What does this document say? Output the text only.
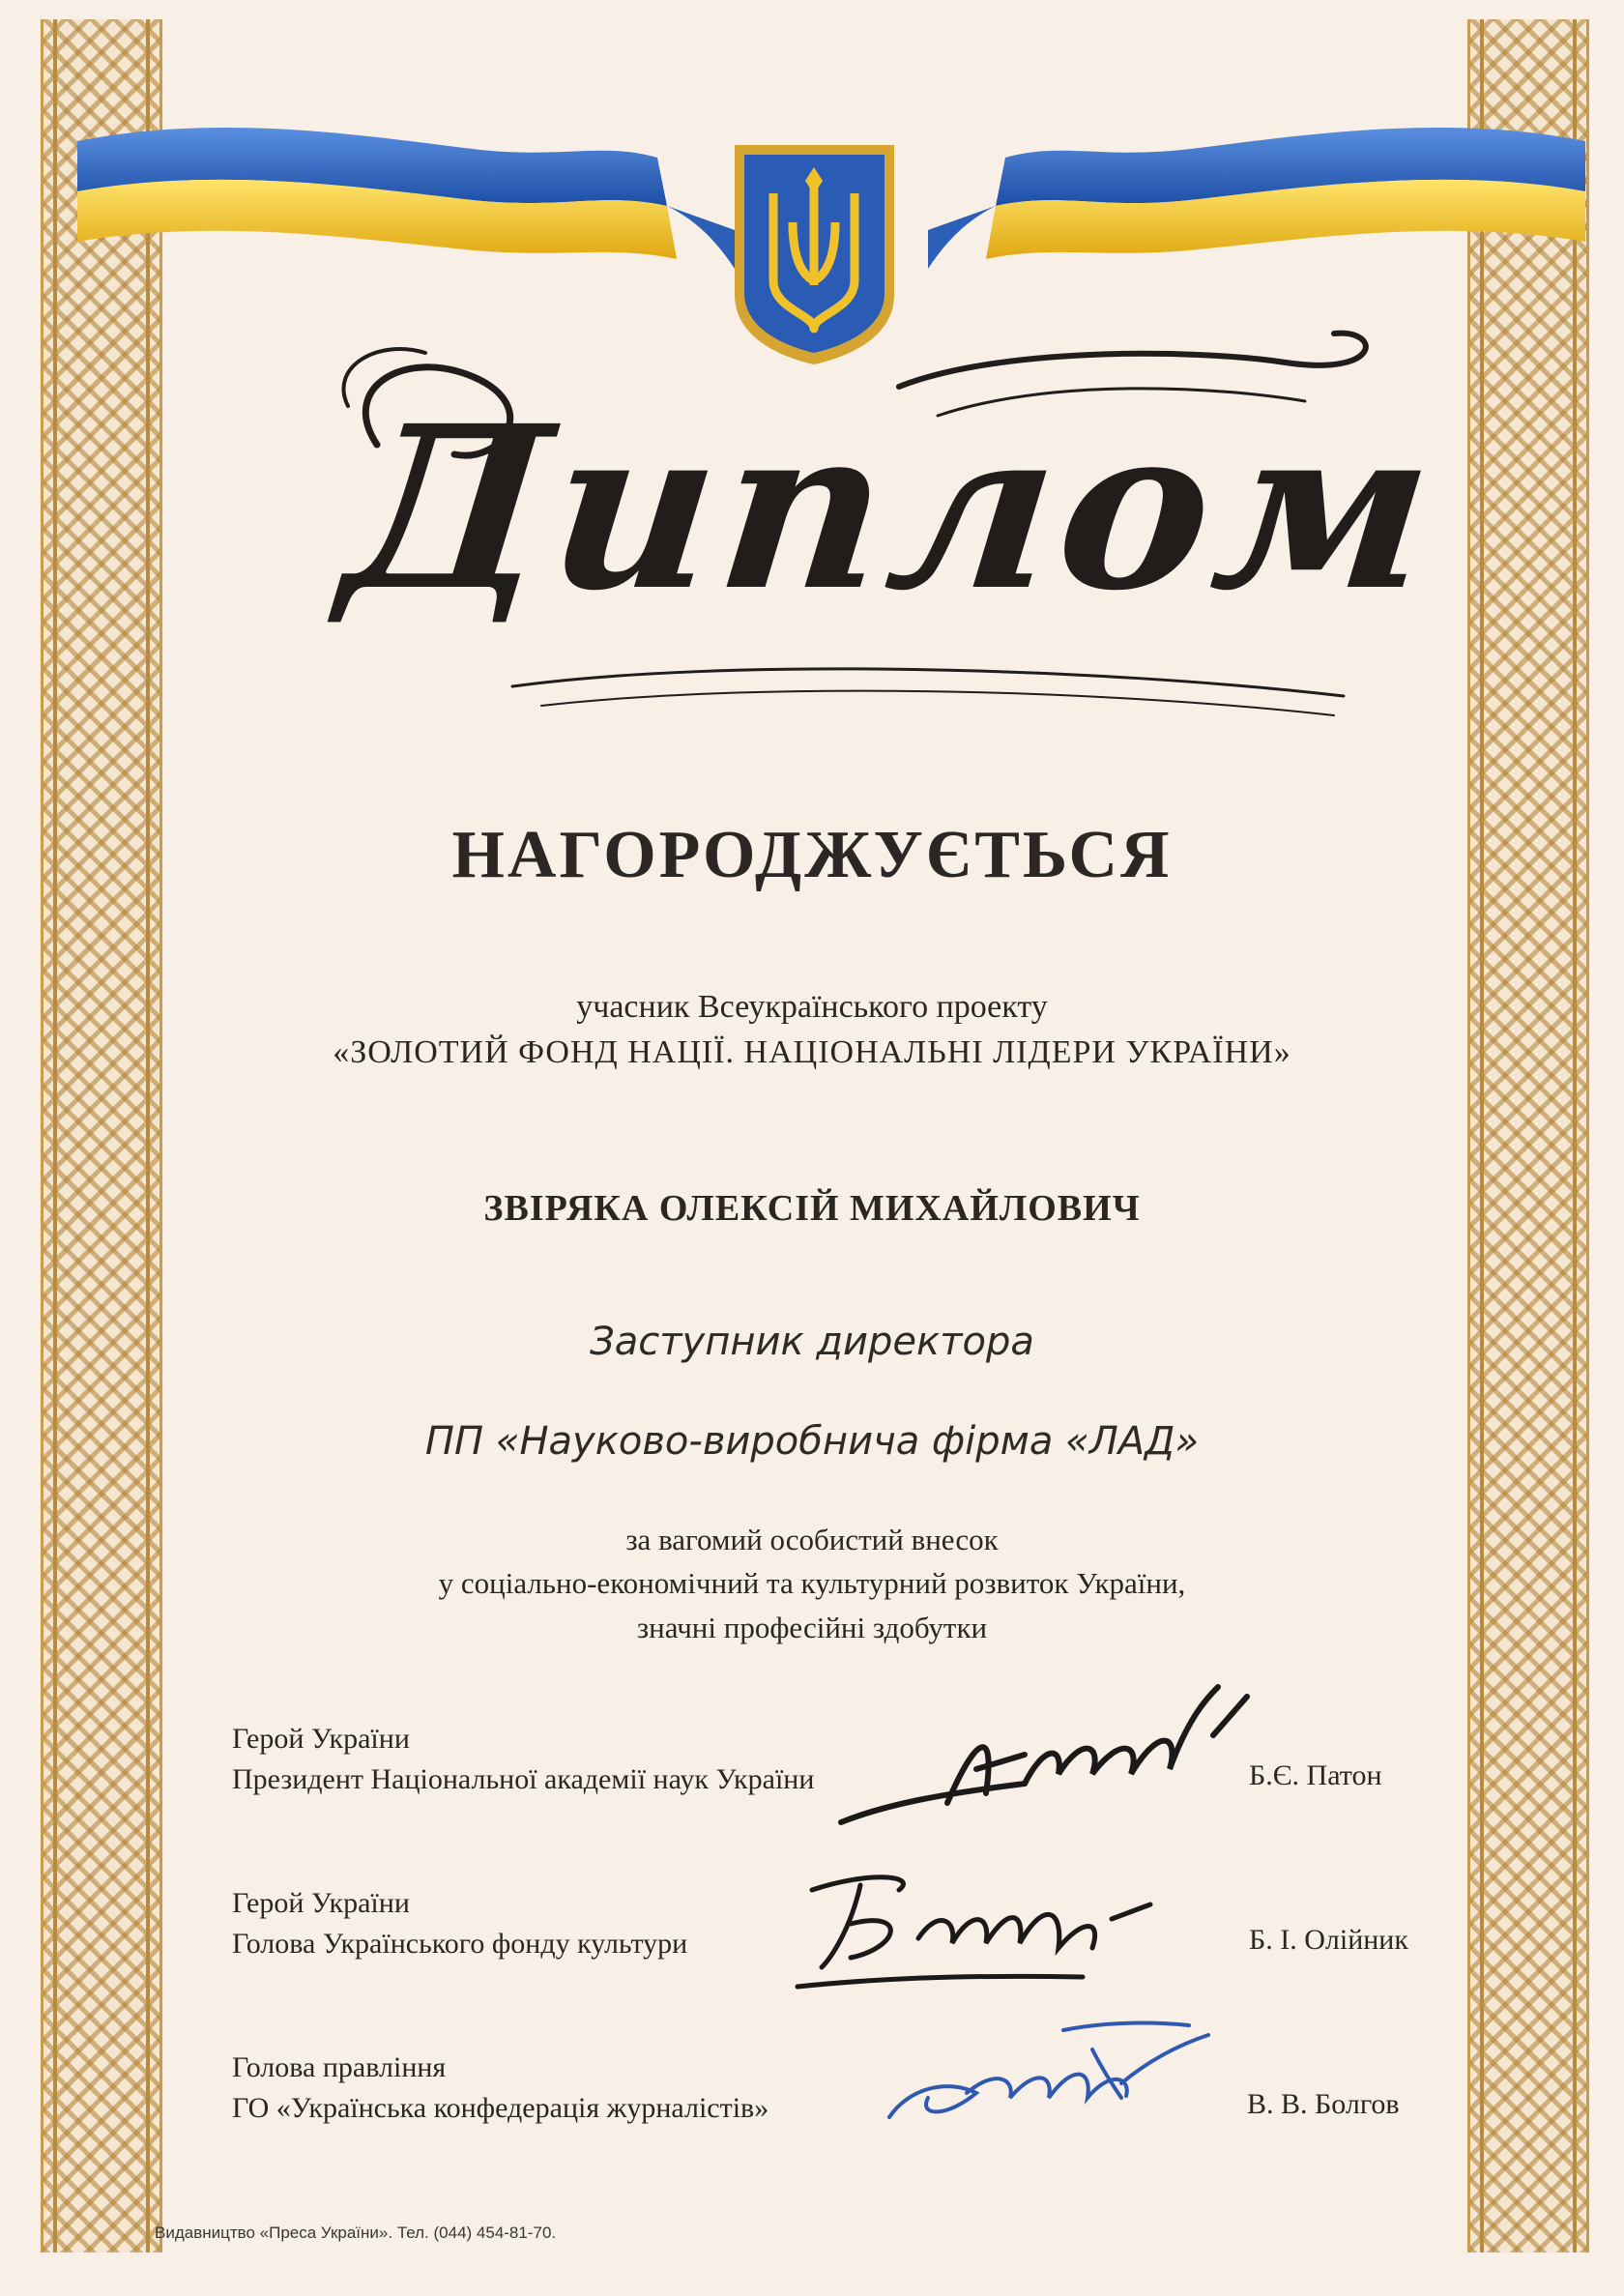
Диплом
НАГОРОДЖУЄТЬСЯ
учасник Всеукраїнського проекту
«ЗОЛОТИЙ ФОНД НАЦІЇ. НАЦІОНАЛЬНІ ЛІДЕРИ УКРАЇНИ»
ЗВІРЯКА ОЛЕКСІЙ МИХАЙЛОВИЧ
Заступник директора
ПП «Науково-виробнича фірма «ЛАД»
за вагомий особистий внесок
у соціально-економічний та культурний розвиток України,
значні професійні здобутки
Герой України
Президент Національної академії наук України	Б.Є. Патон
Герой України
Голова Українського фонду культури	Б. І. Олійник
Голова правління
ГО «Українська конфедерація журналістів»	В. В. Болгов
Видавництво «Преса України». Тел. (044) 454-81-70.
